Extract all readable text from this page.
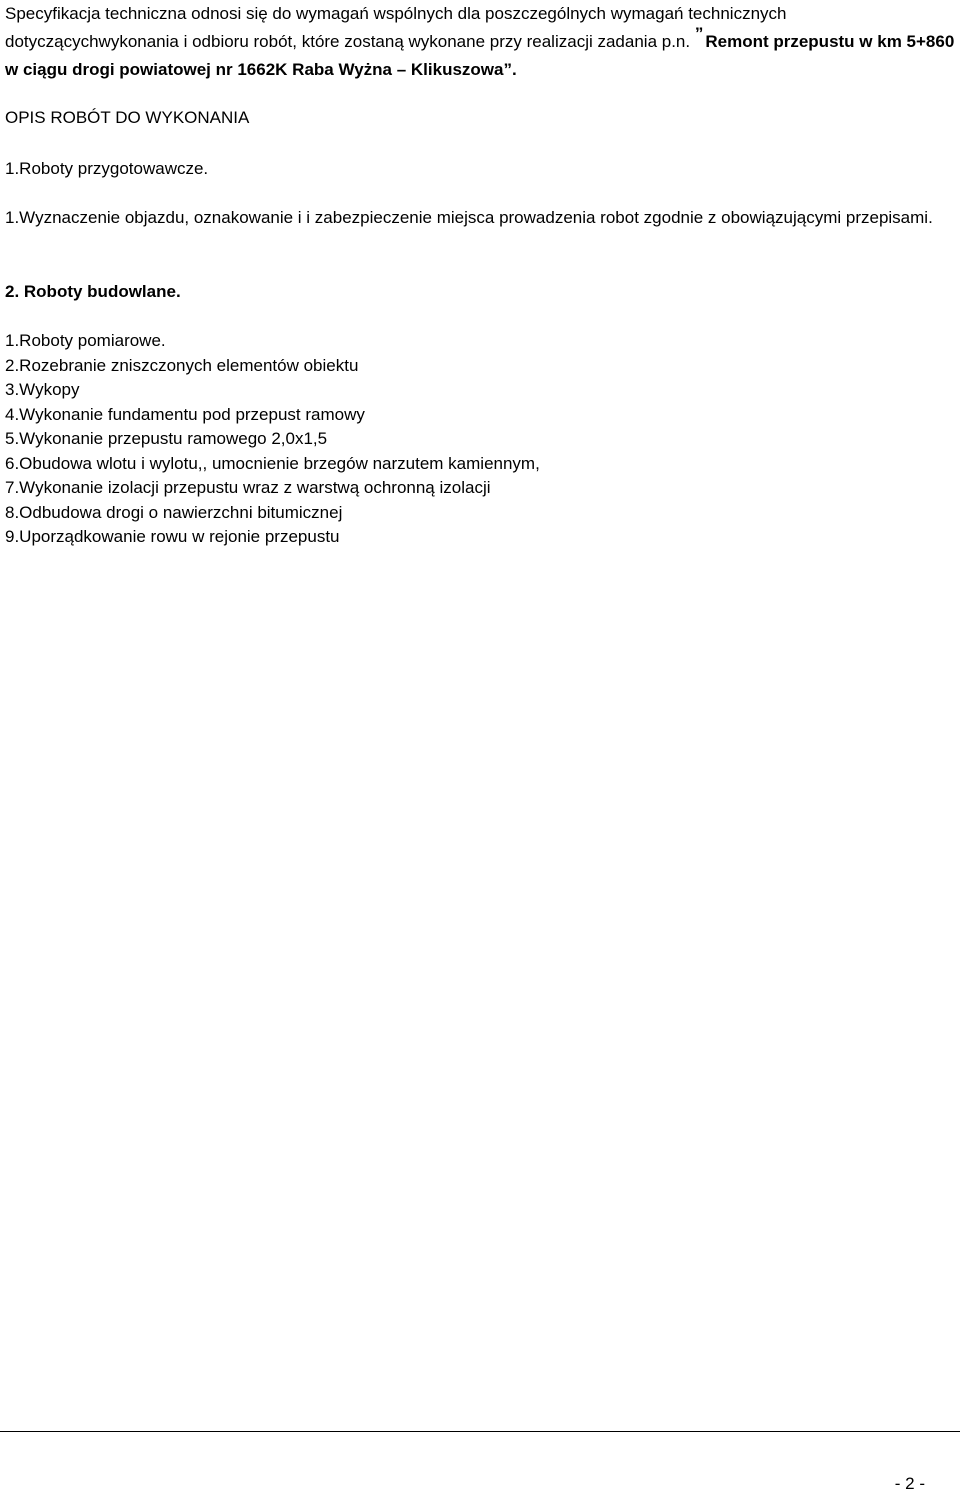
Specyfikacja techniczna odnosi się do wymagań wspólnych dla poszczególnych wymagań technicznych dotyczącychwykonania i odbioru robót, które zostaną wykonane przy realizacji zadania p.n. ” Remont przepustu w km 5+860 w ciągu drogi powiatowej nr 1662K Raba Wyżna – Klikuszowa”.
OPIS ROBÓT DO WYKONANIA
1.Roboty przygotowawcze.
1.Wyznaczenie objazdu, oznakowanie i i zabezpieczenie miejsca prowadzenia robot zgodnie z obowiązującymi przepisami.
2. Roboty budowlane.
1.Roboty pomiarowe.
2.Rozebranie zniszczonych elementów obiektu
3.Wykopy
4.Wykonanie fundamentu pod przepust ramowy
5.Wykonanie przepustu ramowego 2,0x1,5
6.Obudowa wlotu i wylotu,, umocnienie brzegów narzutem kamiennym,
7.Wykonanie izolacji przepustu wraz z warstwą ochronną izolacji
8.Odbudowa drogi o nawierzchni bitumicznej
9.Uporządkowanie rowu w rejonie przepustu
- 2 -
